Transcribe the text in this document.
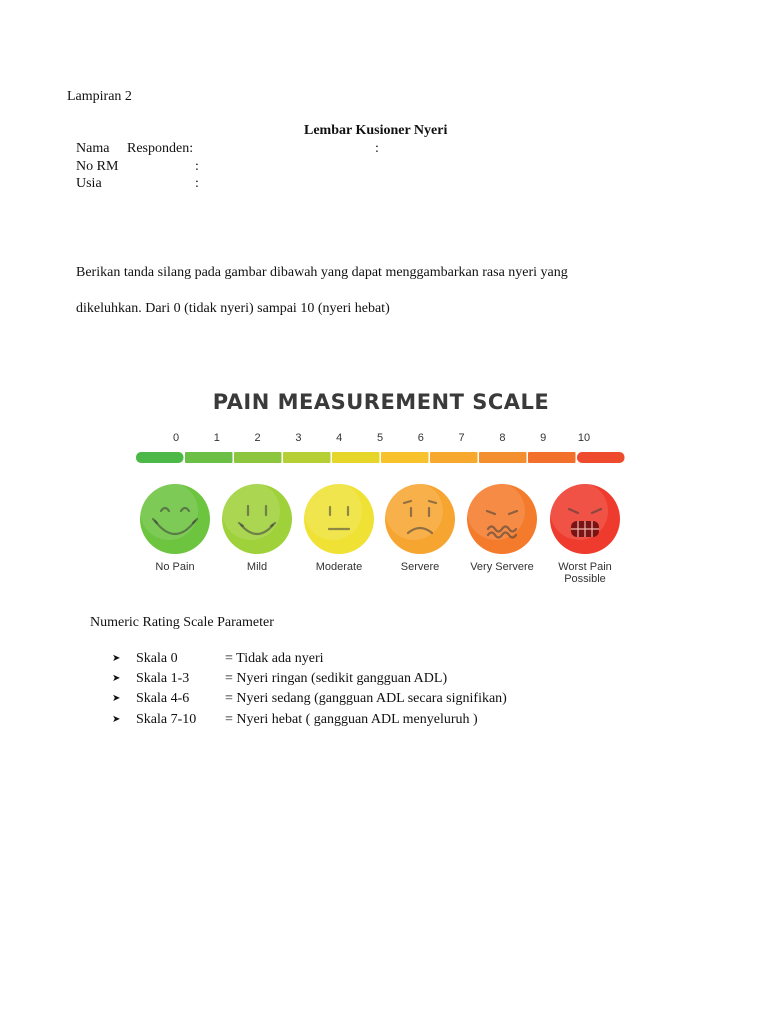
Lampiran 2
Lembar Kusioner Nyeri
Nama Responden:	:
No RM	:
Usia	:
Berikan tanda silang pada gambar dibawah yang dapat menggambarkan rasa nyeri yang
dikeluhkan. Dari 0 (tidak nyeri) sampai 10 (nyeri hebat)
PAIN MEASUREMENT SCALE
0	1	2	3	4	5	6	7	8	9	10
No Pain	Mild	Moderate	Servere	Very Servere	Worst Pain Possible
Numeric Rating Scale Parameter
➤ Skala 0	= Tidak ada nyeri
➤ Skala 1-3	= Nyeri ringan (sedikit gangguan ADL)
➤ Skala 4-6	= Nyeri sedang (gangguan ADL secara signifikan)
➤ Skala 7-10 = Nyeri hebat ( gangguan ADL menyeluruh )
